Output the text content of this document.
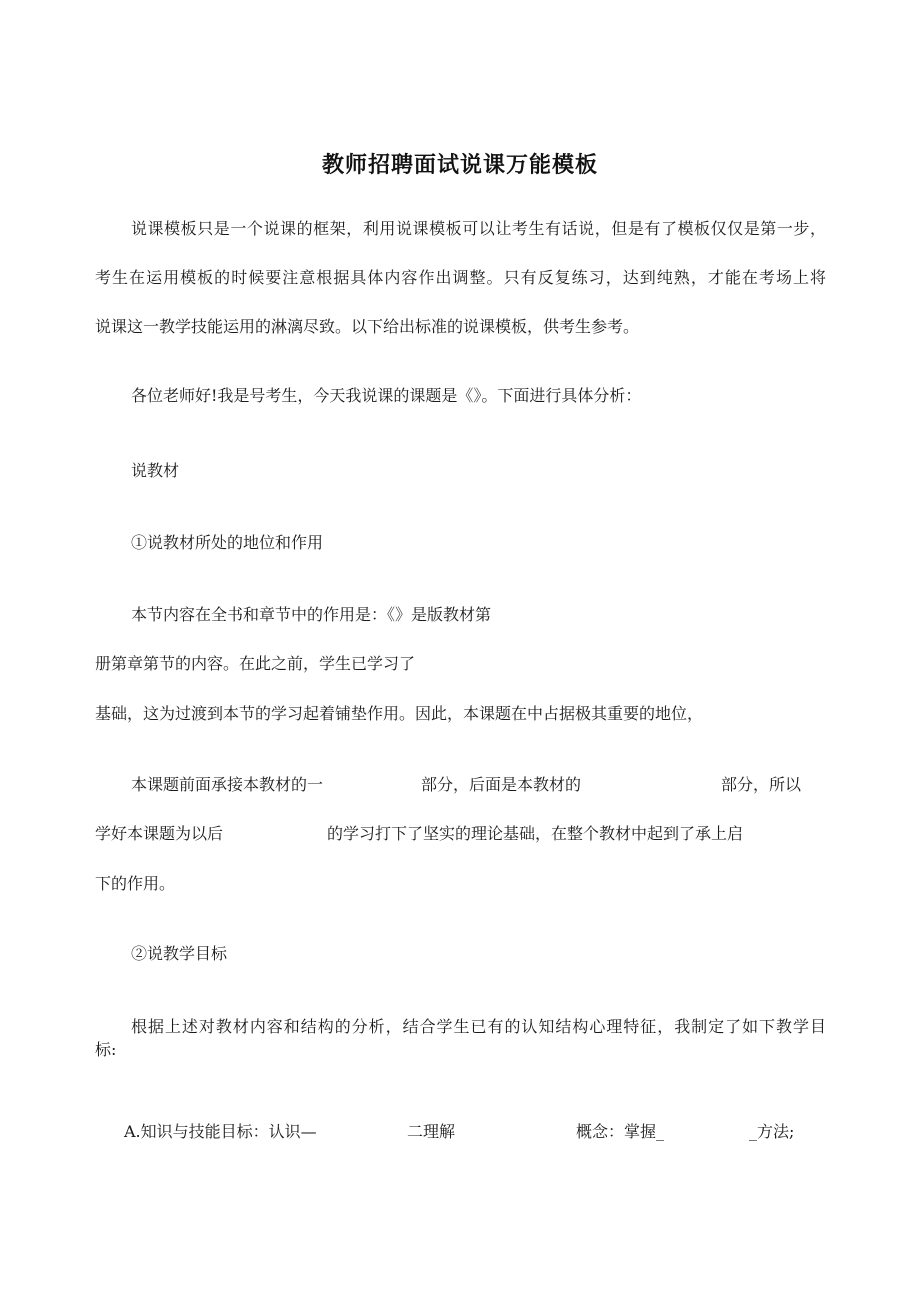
教师招聘面试说课万能模板
说课模板只是一个说课的框架，利用说课模板可以让考生有话说，但是有了模板仅仅是第一步，
考生在运用模板的时候要注意根据具体内容作出调整。只有反复练习，达到纯熟，才能在考场上将
说课这一教学技能运用的淋漓尽致。以下给出标准的说课模板，供考生参考。
各位老师好!我是号考生，今天我说课的课题是《》。下面进行具体分析：
说教材
①说教材所处的地位和作用
本节内容在全书和章节中的作用是：《》是版教材第
册第章第节的内容。在此之前，学生已学习了
基础，这为过渡到本节的学习起着铺垫作用。因此，本课题在中占据极其重要的地位，
本课题前面承接本教材的一	部分，后面是本教材的	部分，所以
学好本课题为以后	的学习打下了坚实的理论基础，在整个教材中起到了承上启
下的作用。
②说教学目标
根据上述对教材内容和结构的分析，结合学生已有的认知结构心理特征，我制定了如下教学目
标:
A.知识与技能目标：认识—	二理解	概念：掌握_	_方法;
